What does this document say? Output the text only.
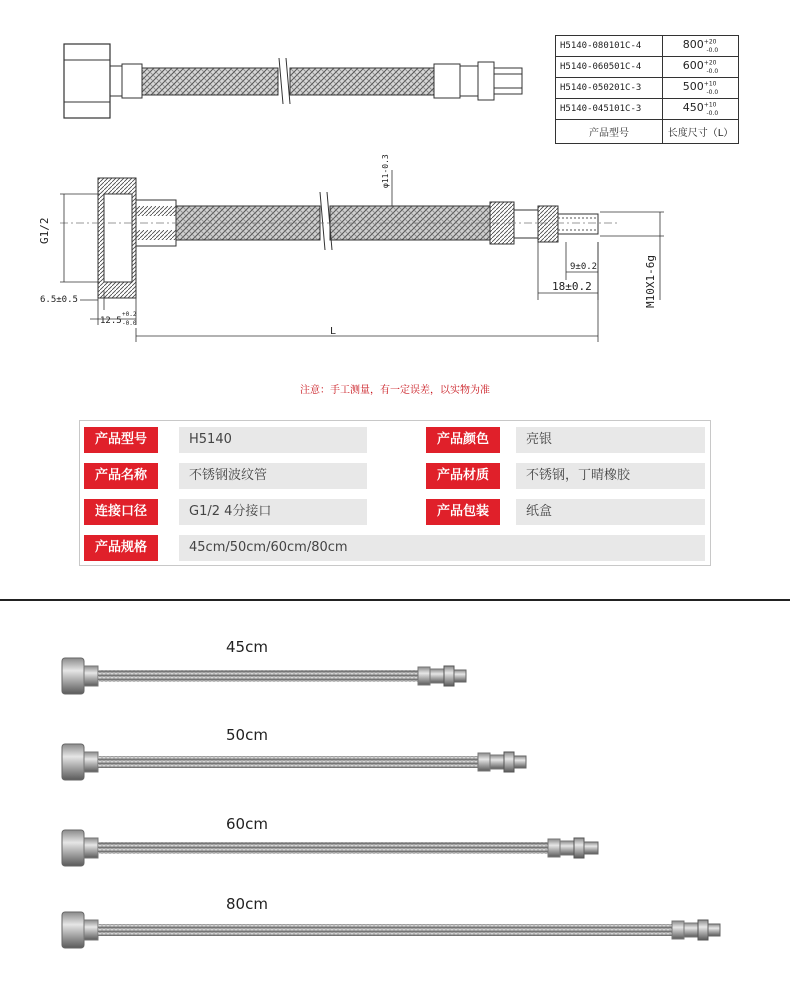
H5140-080101C-4	$800^{+20}_{-0.0}$
H5140-060501C-4	$600^{+20}_{-0.0}$
H5140-050201C-3	$500^{+10}_{-0.0}$
H5140-045101C-3	$450^{+10}_{-0.0}$
产品型号	长度尺寸（L）
G1/2
6.5±0.5
12.5
+0.2
-0.0
L
φ11-0.3
9±0.2
18±0.2	M10X1-6g
注意：手工测量，有一定误差，以实物为准
产品型号	H5140	产品颜色	亮银
产品名称	不锈钢波纹管	产品材质	不锈钢，丁晴橡胶
连接口径	G1/2 4分接口	产品包装	纸盒
产品规格	45cm/50cm/60cm/80cm
45cm
50cm
60cm
80cm
